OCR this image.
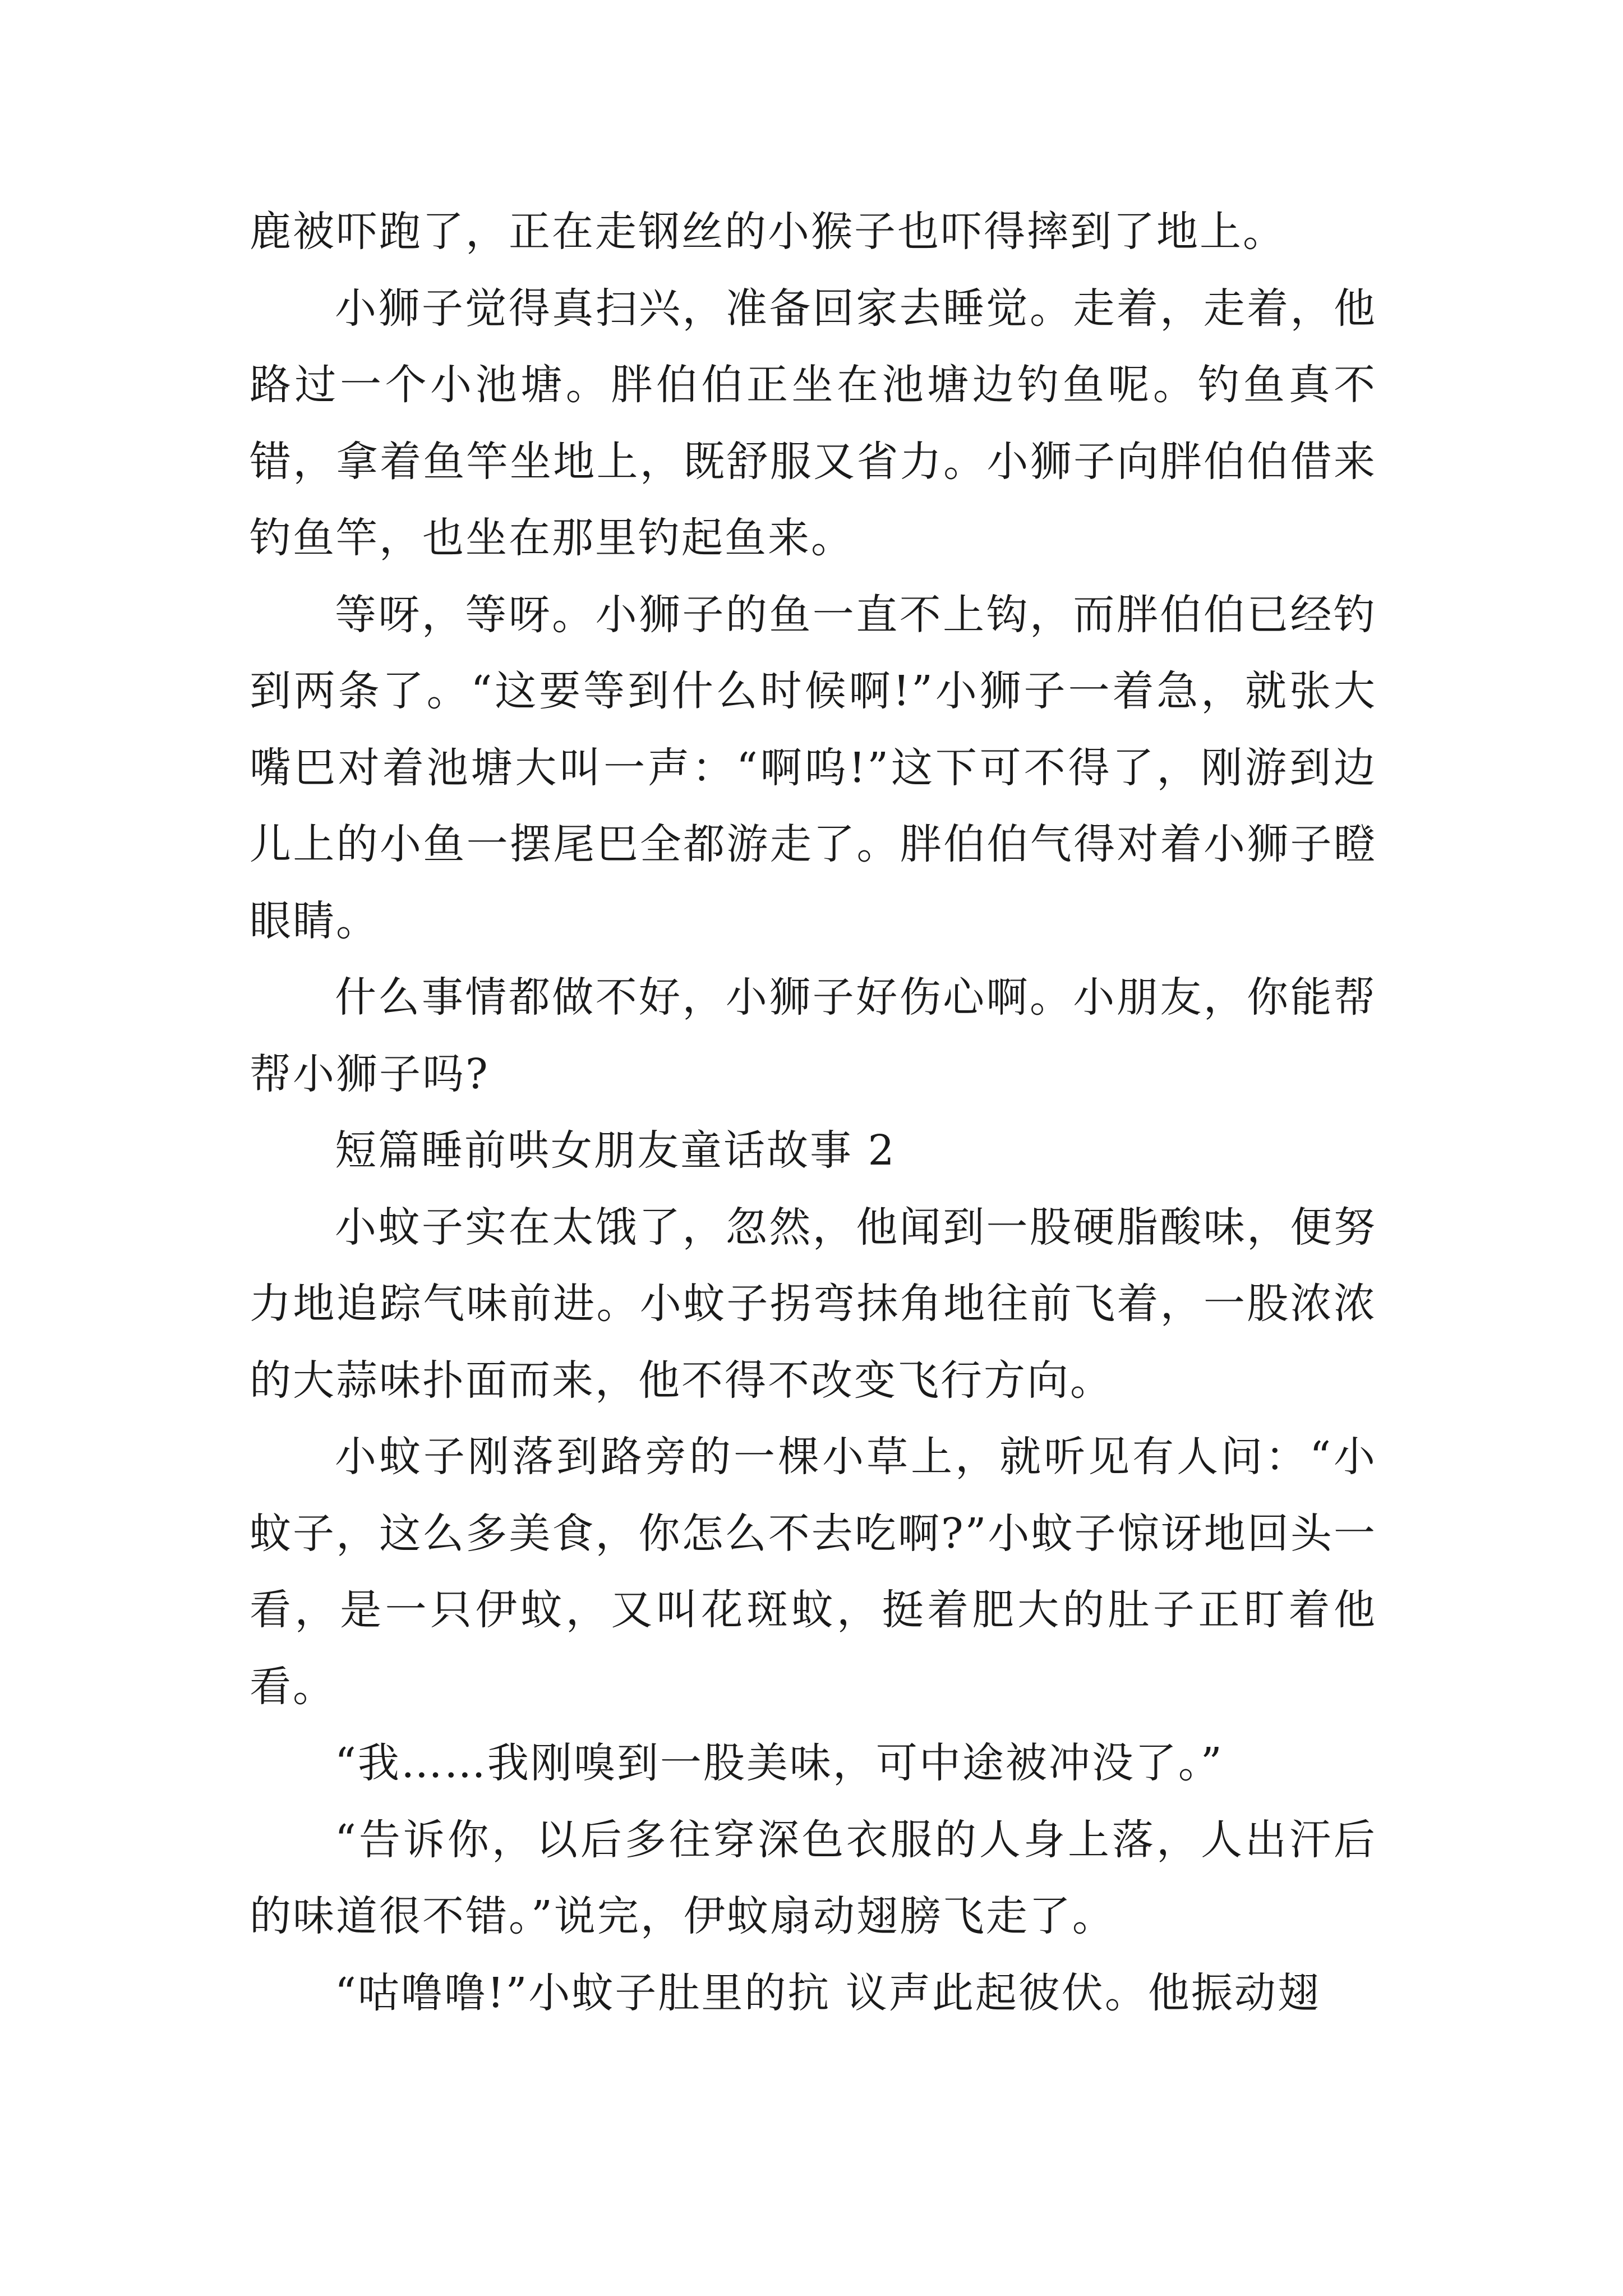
鹿被吓跑了，正在走钢丝的小猴子也吓得摔到了地上。

小狮子觉得真扫兴，准备回家去睡觉。走着，走着，他路过一个小池塘。胖伯伯正坐在池塘边钓鱼呢。钓鱼真不错，拿着鱼竿坐地上，既舒服又省力。小狮子向胖伯伯借来钓鱼竿，也坐在那里钓起鱼来。

等呀，等呀。小狮子的鱼一直不上钩，而胖伯伯已经钓到两条了。“这要等到什么时候啊!”小狮子一着急，就张大嘴巴对着池塘大叫一声：“啊呜!”这下可不得了，刚游到边儿上的小鱼一摆尾巴全都游走了。胖伯伯气得对着小狮子瞪眼睛。

什么事情都做不好，小狮子好伤心啊。小朋友，你能帮帮小狮子吗?

短篇睡前哄女朋友童话故事 2

小蚊子实在太饿了，忽然，他闻到一股硬脂酸味，便努力地追踪气味前进。小蚊子拐弯抹角地往前飞着，一股浓浓的大蒜味扑面而来，他不得不改变飞行方向。

小蚊子刚落到路旁的一棵小草上，就听见有人问：“小蚊子，这么多美食，你怎么不去吃啊?”小蚊子惊讶地回头一看，是一只伊蚊，又叫花斑蚊，挺着肥大的肚子正盯着他看。

“我……我刚嗅到一股美味，可中途被冲没了。”

“告诉你，以后多往穿深色衣服的人身上落，人出汗后的味道很不错。”说完，伊蚊扇动翅膀飞走了。

“咕噜噜!”小蚊子肚里的抗 议声此起彼伏。他振动翅
